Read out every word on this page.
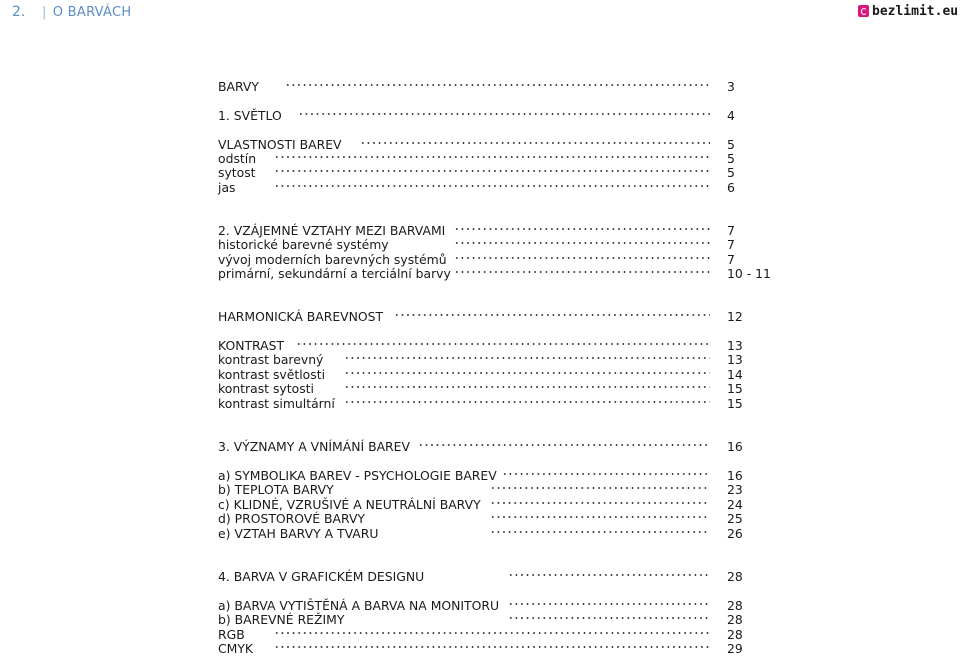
2. | O BARVÁCH	bezlimit.eu
BARVY	3
1. SVĚTLO	4
VLASTNOSTI BAREV	5
odstín	5
sytost	5
jas	6
2. VZÁJEMNÉ VZTAHY MEZI BARVAMI	7
historické barevné systémy	7
vývoj moderních barevných systémů	7
primární, sekundární a terciální barvy	10 - 11
HARMONICKÁ BAREVNOST	12
KONTRAST	13
kontrast barevný	13
kontrast světlosti	14
kontrast sytosti	15
kontrast simultární	15
3. VÝZNAMY A VNÍMÁNÍ BAREV	16
a) SYMBOLIKA BAREV - PSYCHOLOGIE BAREV	16
b) TEPLOTA BARVY	23
c) KLIDNÉ, VZRUŠIVÉ A NEUTRÁLNÍ BARVY	24
d) PROSTOROVÉ BARVY	25
e) VZTAH BARVY A TVARU	26
4. BARVA V GRAFICKÉM DESIGNU	28
a) BARVA VYTIŠTĚNÁ A BARVA NA MONITORU	28
b) BAREVNÉ REŽIMY	28
RGB	28
CMYK	29
